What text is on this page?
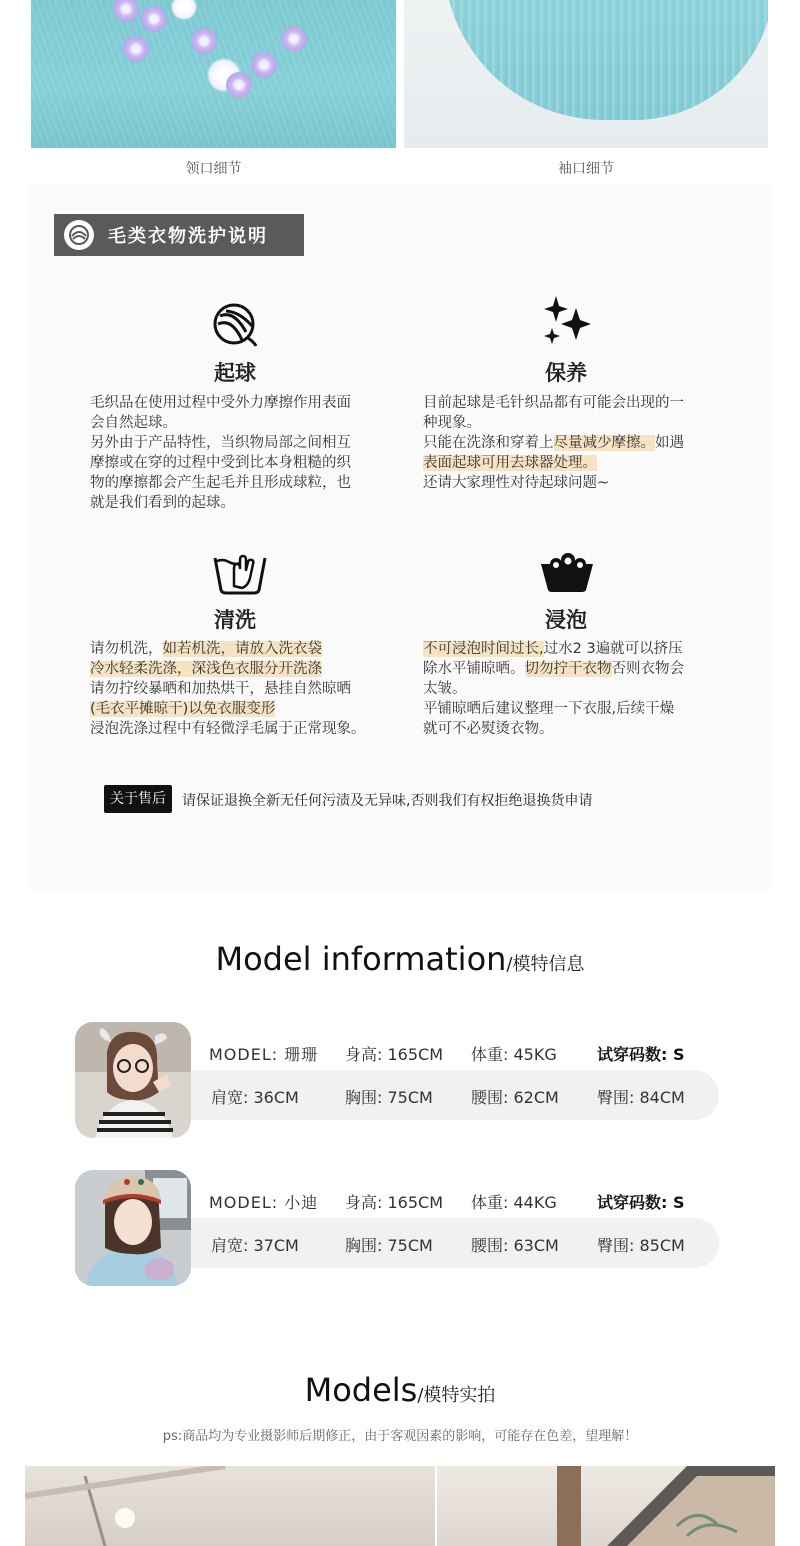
领口细节	袖口细节
毛类衣物洗护说明
起球

毛织品在使用过程中受外力摩擦作用表面

会自然起球。

另外由于产品特性，当织物局部之间相互

摩擦或在穿的过程中受到比本身粗糙的织

物的摩擦都会产生起毛并且形成球粒，也

就是我们看到的起球。

保养

目前起球是毛针织品都有可能会出现的一

种现象。

只能在洗涤和穿着上尽量减少摩擦。如遇

表面起球可用去球器处理。

还请大家理性对待起球问题~

清洗

请勿机洗，如若机洗，请放入洗衣袋

冷水轻柔洗涤，深浅色衣服分开洗涤

请勿拧绞暴晒和加热烘干，悬挂自然晾晒

(毛衣平摊晾干)以免衣服变形

浸泡洗涤过程中有轻微浮毛属于正常现象。

浸泡

不可浸泡时间过长,过水2 3遍就可以挤压

除水平铺晾晒。切勿拧干衣物否则衣物会

太皱。

平铺晾晒后建议整理一下衣服,后续干燥

就可不必熨烫衣物。

关于售后	请保证退换全新无任何污渍及无异味,否则我们有权拒绝退换货申请
Model information/模特信息
MODEL: 珊珊 身高: 165CM 体重: 45KG	试穿码数: S
肩宽: 36CM	胸围: 75CM 腰围: 62CM 臀围: 84CM
MODEL: 小迪 身高: 165CM 体重: 44KG	试穿码数: S
肩宽: 37CM	胸围: 75CM 腰围: 63CM 臀围: 85CM
Models/模特实拍
ps:商品均为专业摄影师后期修正，由于客观因素的影响，可能存在色差，望理解！
